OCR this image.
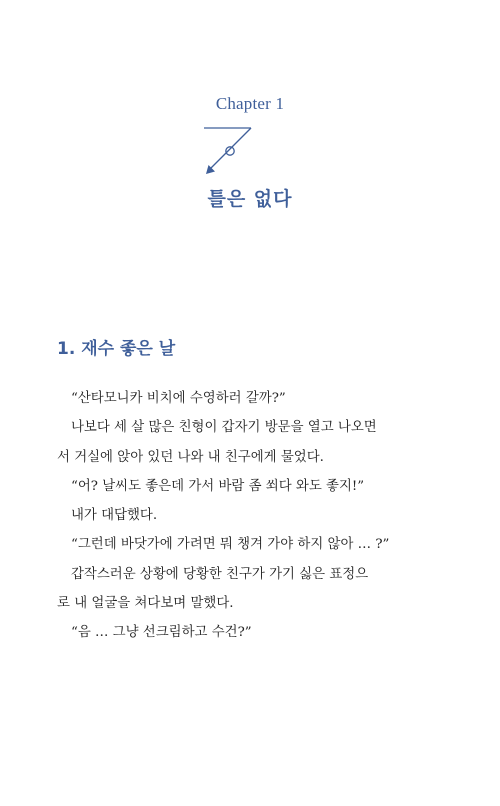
Chapter 1
틀은 없다
1. 재수 좋은 날
“산타모니카 비치에 수영하러 갈까?”
나보다 세 살 많은 친형이 갑자기 방문을 열고 나오면
서 거실에 앉아 있던 나와 내 친구에게 물었다.
“어? 날씨도 좋은데 가서 바람 좀 쐬다 와도 좋지!”
내가 대답했다.
“그런데 바닷가에 가려면 뭐 챙겨 가야 하지 않아 … ?”
갑작스러운 상황에 당황한 친구가 가기 싫은 표정으
로 내 얼굴을 쳐다보며 말했다.
“음 … 그냥 선크림하고 수건?”
